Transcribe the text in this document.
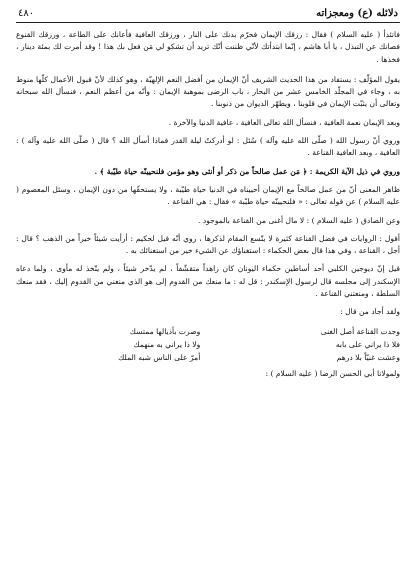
دلائله (ع) ومعجزاته
٤٨٠

فاتئدأ ( عليه السلام ) فقال : رزقك الإيمان فحرّم بدنك على النار ، ورزقك العافية فأعانك على الطاعة ، ورزقك القنوع فصانك عن التبذل ، يا أبا هاشم ، إنّما ابتدأتك لأنّي ظننت أنّك تريد أن تشكو لي مَن فعل بك هذا ! وقد أمرت لك بمئة دينار ، فخذها .

يقول المؤلّف : يستفاد من هذا الحديث الشريف أنّ الإيمان من أفضل النعم الإلهيّة ، وهو كذلك لأنّ قبول الأعمال كلّها منوط به ، وجاء في المجلّد الخامس عشر من البحار ، باب الرضى بموهبة الإيمان : وأنّه من أعظم النعم ، فنسأل الله سبحانه وتعالى أن يثبّت الإيمان في قلوبنا ، ويطهّر الديوان من ذنوبنا .

وبعد الإيمان نعمة العافية ، فنسأل الله تعالى العافية ، عافية الدنيا والآخرة .

وروي أنّ رسول الله ( صلّى الله عليه وآله ) سُئل : لو أدركتُ ليلة القدر فماذا أسأل الله ؟ قال ( صلّى الله عليه وآله ) : العافية ، وبعد العافية القناعة .

وروي في ذيل الآية الكريمة : ﴿ مَن عمل صالحاً من ذكر أو أنثى وهو مؤمن فلنحيينّه حياة طيّبة ﴾ .

ظاهر المعنى أنّ من عمل صالحاً مع الإيمان أحييناه في الدنيا حياة طيّبة ، ولا يستحقّها من دون الإيمان ، وسئل المعصوم ( عليه السلام ) عن قوله تعالى : « فلنحيينّه حياة طيّبة » فقال : هي القناعة .

وعن الصادق ( عليه السلام ) : لا مال أغنى من القناعة بالموجود .

أقول : الروايات في فضل القناعة كثيرة لا يتّسع المقام لذكرها ، روي أنّه قيل لحكيم : أرأيت شيئاً خيراً من الذهب ؟ قال : أجل ، القناعة ، وفي هذا قال بعض الحكماء : استغناؤك عن الشيء خير من استغنائك به .

قيل إنّ ديوجين الكلبي أحد أساطين حكماء اليونان كان زاهداً متقشّفاً ، لم يدّخر شيئاً ، ولم يتّخذ له مأوى ، ولما دعاه الإسكندر إلى مجلسه قال لرسول الإسكندر : قل له : ما منعك من القدوم إلى هو الذي منعني من القدوم إليك ، فقد منعك السلطة ، ومنعتني القناعة .

ولقد أجاد من قال :

وجدت القناعة أصل الغنى
وصرت بأذيالها ممتسك
فلا ذا يراني على بابه
ولا ذا يراني به منهمك
وعشت غنيّاً بلا درهم
أمرّ على الناس شبه الملك

ولمولانا أبي الحسن الرضا ( عليه السلام ) :
